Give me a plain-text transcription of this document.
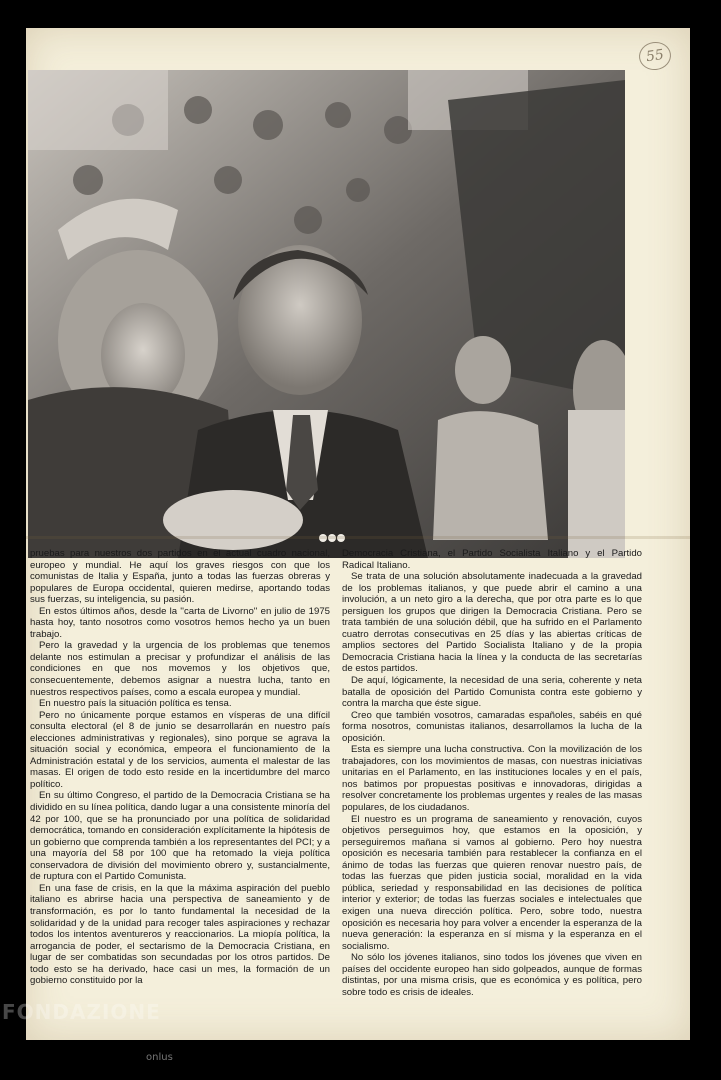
55

pruebas para nuestros dos partidos en el actual cuadro nacional, europeo y mundial. He aquí los graves riesgos con que los comunistas de Italia y España, junto a todas las fuerzas obreras y populares de Europa occidental, quieren medirse, aportando todas sus fuerzas, su inteligencia, su pasión.

En estos últimos años, desde la ''carta de Livorno'' en julio de 1975 hasta hoy, tanto nosotros como vosotros hemos hecho ya un buen trabajo.

Pero la gravedad y la urgencia de los problemas que tenemos delante nos estimulan a precisar y profundizar el análisis de las condiciones en que nos movemos y los objetivos que, consecuentemente, debemos asignar a nuestra lucha, tanto en nuestros respectivos países, como a escala europea y mundial.

En nuestro país la situación política es tensa.

Pero no únicamente porque estamos en vísperas de una difícil consulta electoral (el 8 de junio se desarrollarán en nuestro país elecciones administrativas y regionales), sino porque se agrava la situación social y económica, empeora el funcionamiento de la Administración estatal y de los servicios, aumenta el malestar de las masas. El origen de todo esto reside en la incertidumbre del marco político.

En su último Congreso, el partido de la Democracia Cristiana se ha dividido en su línea política, dando lugar a una consistente minoría del 42 por 100, que se ha pronunciado por una política de solidaridad democrática, tomando en consideración explícitamente la hipótesis de un gobierno que comprenda también a los representantes del PCI; y a una mayoría del 58 por 100 que ha retomado la vieja política conservadora de división del movimiento obrero y, sustancialmente, de ruptura con el Partido Comunista.

En una fase de crisis, en la que la máxima aspiración del pueblo italiano es abrirse hacia una perspectiva de saneamiento y de transformación, es por lo tanto fundamental la necesidad de la solidaridad y de la unidad para recoger tales aspiraciones y rechazar todos los intentos aventureros y reaccionarios. La miopía política, la arrogancia de poder, el sectarismo de la Democracia Cristiana, en lugar de ser combatidas son secundadas por los otros partidos. De todo esto se ha derivado, hace casi un mes, la formación de un gobierno constituido por la

Democracia Cristiana, el Partido Socialista Italiano y el Partido Radical Italiano.

Se trata de una solución absolutamente inadecuada a la gravedad de los problemas italianos, y que puede abrir el camino a una involución, a un neto giro a la derecha, que por otra parte es lo que persiguen los grupos que dirigen la Democracia Cristiana. Pero se trata también de una solución débil, que ha sufrido en el Parlamento cuatro derrotas consecutivas en 25 días y las abiertas críticas de amplios sectores del Partido Socialista Italiano y de la propia Democracia Cristiana hacia la línea y la conducta de las secretarías de estos partidos.

De aquí, lógicamente, la necesidad de una seria, coherente y neta batalla de oposición del Partido Comunista contra este gobierno y contra la marcha que éste sigue.

Creo que también vosotros, camaradas españoles, sabéis en qué forma nosotros, comunistas italianos, desarrollamos la lucha de la oposición.

Esta es siempre una lucha constructiva. Con la movilización de los trabajadores, con los movimientos de masas, con nuestras iniciativas unitarias en el Parlamento, en las instituciones locales y en el país, nos batimos por propuestas positivas e innovadoras, dirigidas a resolver concretamente los problemas urgentes y reales de las masas populares, de los ciudadanos.

El nuestro es un programa de saneamiento y renovación, cuyos objetivos perseguimos hoy, que estamos en la oposición, y perseguiremos mañana si vamos al gobierno. Pero hoy nuestra oposición es necesaria también para restablecer la confianza en el ánimo de todas las fuerzas que quieren renovar nuestro país, de todas las fuerzas que piden justicia social, moralidad en la vida pública, seriedad y responsabilidad en las decisiones de política interior y exterior; de todas las fuerzas sociales e intelectuales que exigen una nueva dirección política. Pero, sobre todo, nuestra oposición es necesaria hoy para volver a encender la esperanza de la nueva generación: la esperanza en sí misma y la esperanza en el socialismo.

No sólo los jóvenes italianos, sino todos los jóvenes que viven en países del occidente europeo han sido golpeados, aunque de formas distintas, por una misma crisis, que es económica y es política, pero sobre todo es crisis de ideales.

FONDAZIONE
onlus
